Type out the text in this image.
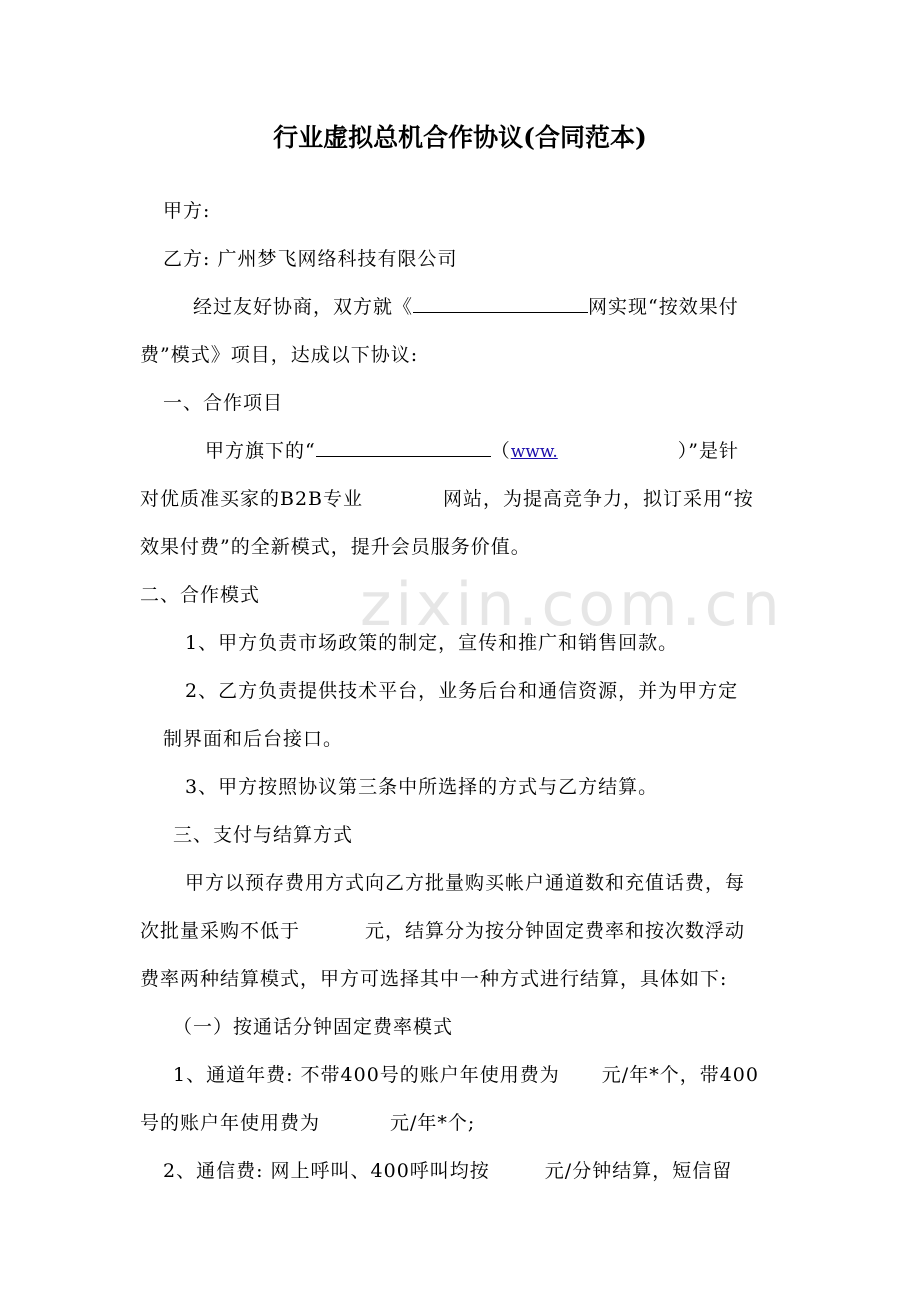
zixin.com.cn
行业虚拟总机合作协议(合同范本)
甲方:
乙方: 广州梦飞网络科技有限公司
经过友好协商，双方就《	网实现“按效果付
费”模式》项目，达成以下协议:
一、合作项目
甲方旗下的“	（www.	）”是针
对优质准买家的B2B专业	网站，为提高竞争力，拟订采用“按
效果付费”的全新模式，提升会员服务价值。
二、合作模式
1、甲方负责市场政策的制定，宣传和推广和销售回款。
2、乙方负责提供技术平台，业务后台和通信资源，并为甲方定
制界面和后台接口。
3、甲方按照协议第三条中所选择的方式与乙方结算。
三、支付与结算方式
甲方以预存费用方式向乙方批量购买帐户通道数和充值话费，每
次批量采购不低于	元，结算分为按分钟固定费率和按次数浮动
费率两种结算模式，甲方可选择其中一种方式进行结算，具体如下:
（一）按通话分钟固定费率模式
1、通道年费: 不带400号的账户年使用费为 元/年*个，带400
号的账户年使用费为	元/年*个;
2、通信费: 网上呼叫、400呼叫均按	元/分钟结算，短信留
